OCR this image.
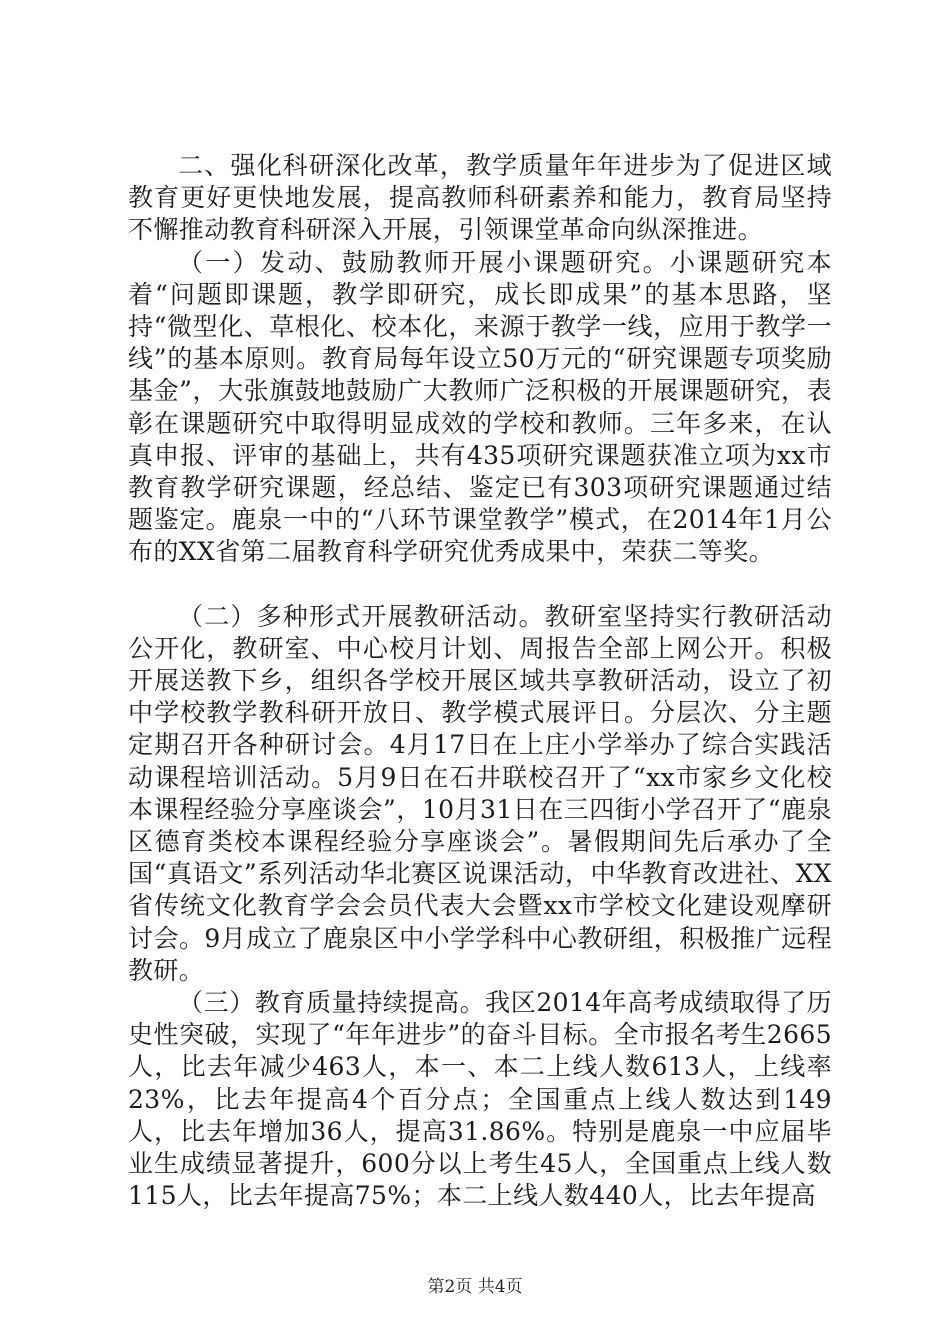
二、强化科研深化改革，教学质量年年进步为了促进区域教育更好更快地发展，提高教师科研素养和能力，教育局坚持不懈推动教育科研深入开展，引领课堂革命向纵深推进。

（一）发动、鼓励教师开展小课题研究。小课题研究本着“问题即课题，教学即研究，成长即成果”的基本思路，坚持“微型化、草根化、校本化，来源于教学一线，应用于教学一线”的基本原则。教育局每年设立50万元的“研究课题专项奖励基金”，大张旗鼓地鼓励广大教师广泛积极的开展课题研究，表彰在课题研究中取得明显成效的学校和教师。三年多来，在认真申报、评审的基础上，共有435项研究课题获准立项为xx市教育教学研究课题，经总结、鉴定已有303项研究课题通过结题鉴定。鹿泉一中的“八环节课堂教学”模式，在2014年1月公布的XX省第二届教育科学研究优秀成果中，荣获二等奖。

（二）多种形式开展教研活动。教研室坚持实行教研活动公开化，教研室、中心校月计划、周报告全部上网公开。积极开展送教下乡，组织各学校开展区域共享教研活动，设立了初中学校教学教科研开放日、教学模式展评日。分层次、分主题定期召开各种研讨会。4月17日在上庄小学举办了综合实践活动课程培训活动。5月9日在石井联校召开了“xx市家乡文化校本课程经验分享座谈会”，10月31日在三四街小学召开了“鹿泉区德育类校本课程经验分享座谈会”。暑假期间先后承办了全国“真语文”系列活动华北赛区说课活动，中华教育改进社、XX省传统文化教育学会会员代表大会暨xx市学校文化建设观摩研讨会。9月成立了鹿泉区中小学学科中心教研组，积极推广远程教研。

（三）教育质量持续提高。我区2014年高考成绩取得了历史性突破，实现了“年年进步”的奋斗目标。全市报名考生2665人，比去年减少463人，本一、本二上线人数613人，上线率23%，比去年提高4个百分点；全国重点上线人数达到149人，比去年增加36人，提高31.86%。特别是鹿泉一中应届毕业生成绩显著提升，600分以上考生45人，全国重点上线人数115人，比去年提高75%；本二上线人数440人，比去年提高

第2页 共4页
